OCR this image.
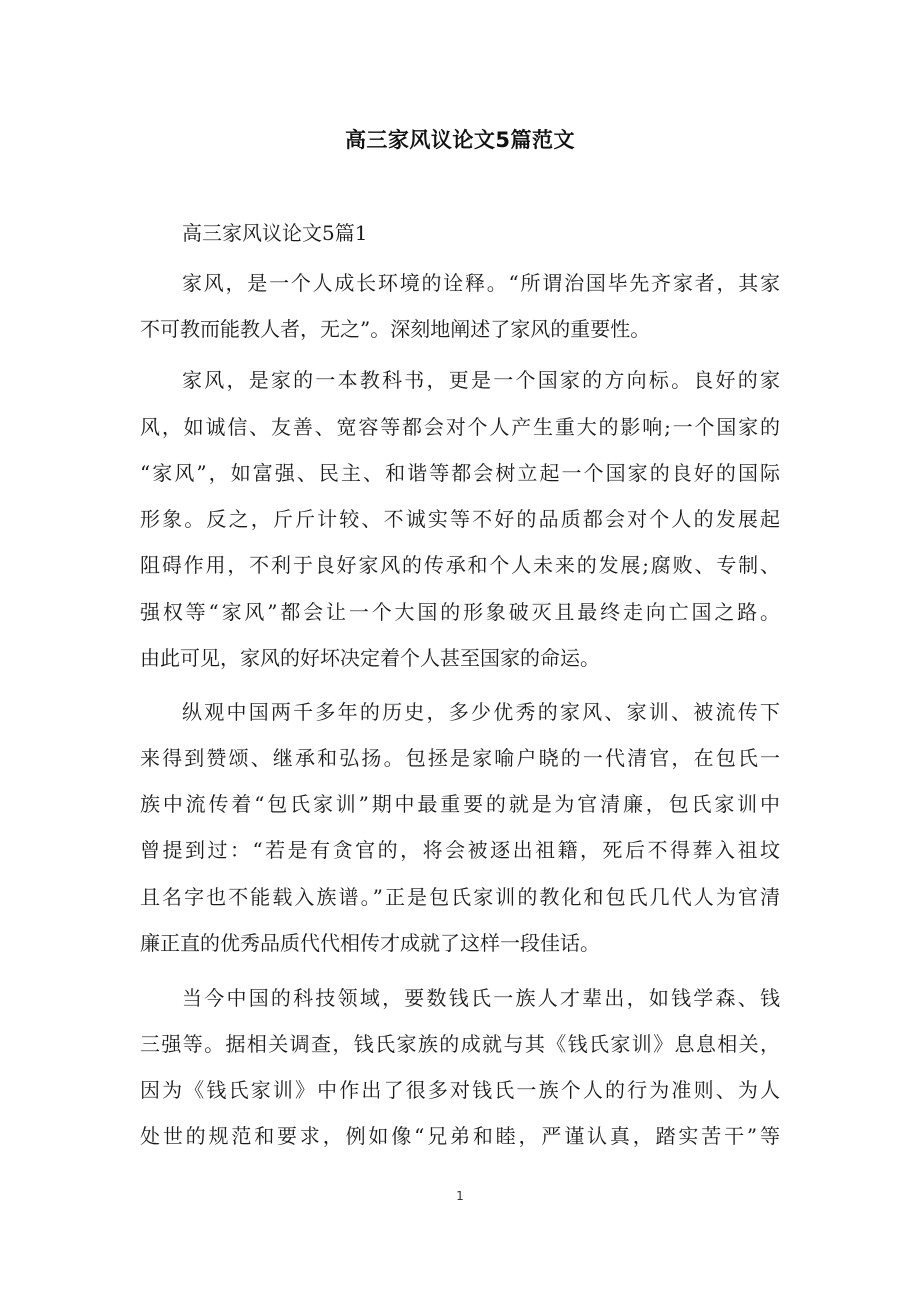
高三家风议论文5篇范文
高三家风议论文5篇1
家风，是一个人成长环境的诠释。“所谓治国毕先齐家者，其家
不可教而能教人者，无之”。深刻地阐述了家风的重要性。
家风，是家的一本教科书，更是一个国家的方向标。良好的家
风，如诚信、友善、宽容等都会对个人产生重大的影响;一个国家的
“家风”，如富强、民主、和谐等都会树立起一个国家的良好的国际
形象。反之，斤斤计较、不诚实等不好的品质都会对个人的发展起
阻碍作用，不利于良好家风的传承和个人未来的发展;腐败、专制、
强权等“家风”都会让一个大国的形象破灭且最终走向亡国之路。
由此可见，家风的好坏决定着个人甚至国家的命运。
纵观中国两千多年的历史，多少优秀的家风、家训、被流传下
来得到赞颂、继承和弘扬。包拯是家喻户晓的一代清官，在包氏一
族中流传着“包氏家训”期中最重要的就是为官清廉，包氏家训中
曾提到过：“若是有贪官的，将会被逐出祖籍，死后不得葬入祖坟
且名字也不能载入族谱。”正是包氏家训的教化和包氏几代人为官清
廉正直的优秀品质代代相传才成就了这样一段佳话。
当今中国的科技领域，要数钱氏一族人才辈出，如钱学森、钱
三强等。据相关调查，钱氏家族的成就与其《钱氏家训》息息相关，
因为《钱氏家训》中作出了很多对钱氏一族个人的行为准则、为人
处世的规范和要求，例如像“兄弟和睦，严谨认真，踏实苦干”等
1
